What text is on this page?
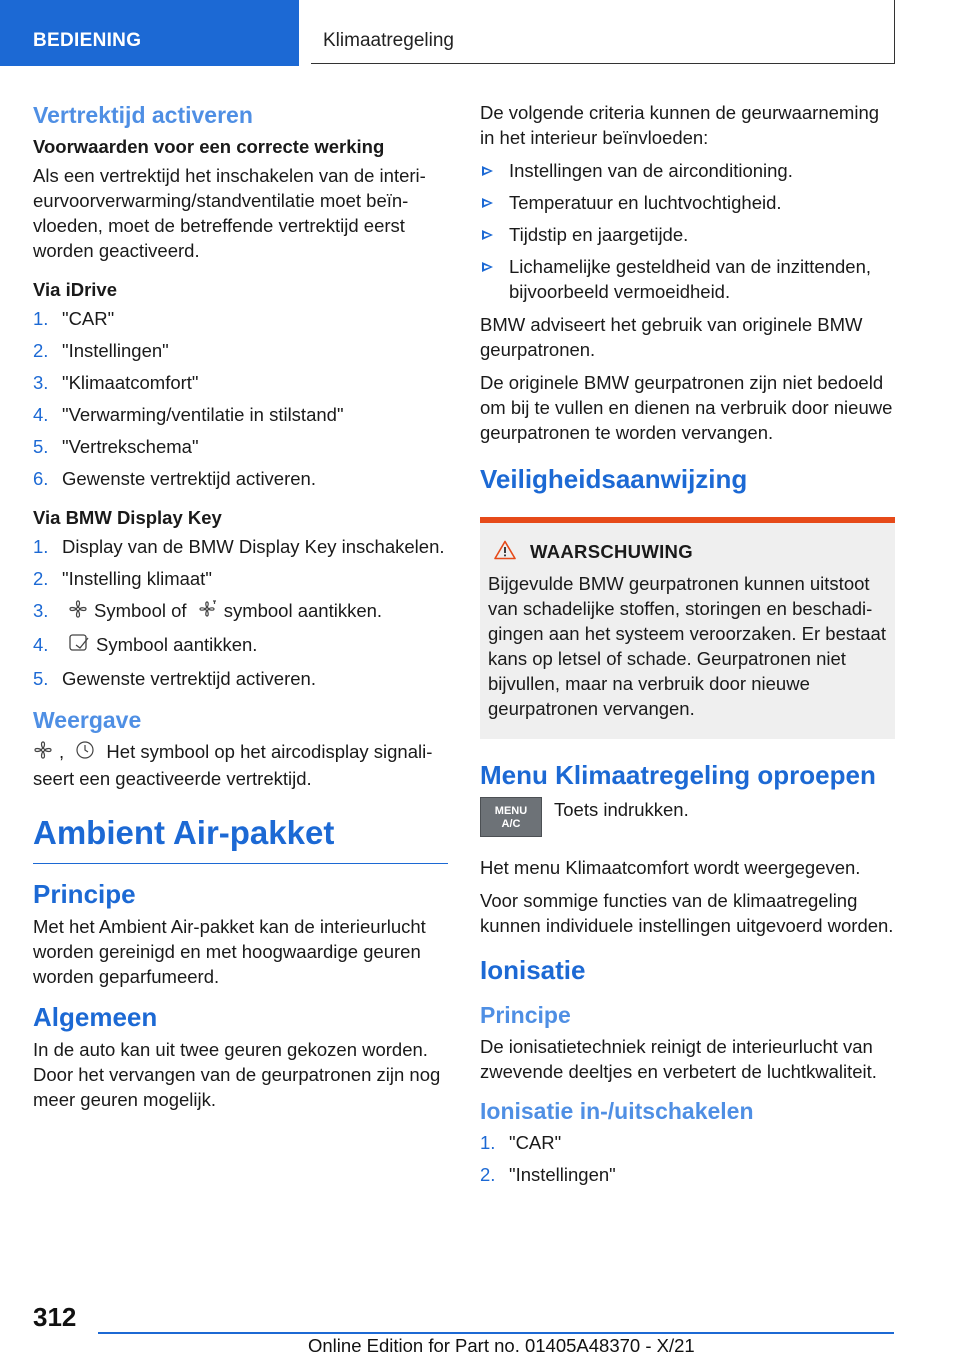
BEDIENING	Klimaatregeling
Vertrektijd activeren
Voorwaarden voor een correcte werking

Als een vertrektijd het inschakelen van de interieurvoorverwarming/standventilatie moet beïnvloeden, moet de betreffende vertrektijd eerst worden geactiveerd.

Via iDrive
1. "CAR"
2. "Instellingen"
3. "Klimaatcomfort"
4. "Verwarming/ventilatie in stilstand"
5. "Vertrekschema"
6. Gewenste vertrektijd activeren.
Via BMW Display Key
1. Display van de BMW Display Key inschakelen.
2. "Instelling klimaat"
3. Symbool of symbool aantikken.
4.	Symbool aantikken.
5. Gewenste vertrektijd activeren.
Weergave

, Het symbool op het aircodisplay signaliseert een geactiveerde vertrektijd.

Ambient Air-pakket
Principe

Met het Ambient Air-pakket kan de interieurlucht worden gereinigd en met hoogwaardige geuren worden geparfumeerd.

Algemeen

In de auto kan uit twee geuren gekozen worden. Door het vervangen van de geurpatronen zijn nog meer geuren mogelijk.

De volgende criteria kunnen de geurwaarneming in het interieur beïnvloeden:

Instellingen van de airconditioning.
Temperatuur en luchtvochtigheid.
Tijdstip en jaargetijde.
Lichamelijke gesteldheid van de inzittenden, bijvoorbeeld vermoeidheid.

BMW adviseert het gebruik van originele BMW geurpatronen.

De originele BMW geurpatronen zijn niet bedoeld om bij te vullen en dienen na verbruik door nieuwe geurpatronen te worden vervangen.

Veiligheidsaanwijzing
WAARSCHUWING

Bijgevulde BMW geurpatronen kunnen uitstoot van schadelijke stoffen, storingen en beschadigingen aan het systeem veroorzaken. Er bestaat kans op letsel of schade. Geurpatronen niet bijvullen, maar na verbruik door nieuwe geurpatronen vervangen.

Menu Klimaatregeling oproepen
MENU
A/C

Toets indrukken.

Het menu Klimaatcomfort wordt weergegeven.

Voor sommige functies van de klimaatregeling kunnen individuele instellingen uitgevoerd worden.

Ionisatie
Principe

De ionisatietechniek reinigt de interieurlucht van zwevende deeltjes en verbetert de luchtkwaliteit.

Ionisatie in-/uitschakelen
1. "CAR"
2. "Instellingen"
312
Online Edition for Part no. 01405A48370 - X/21
